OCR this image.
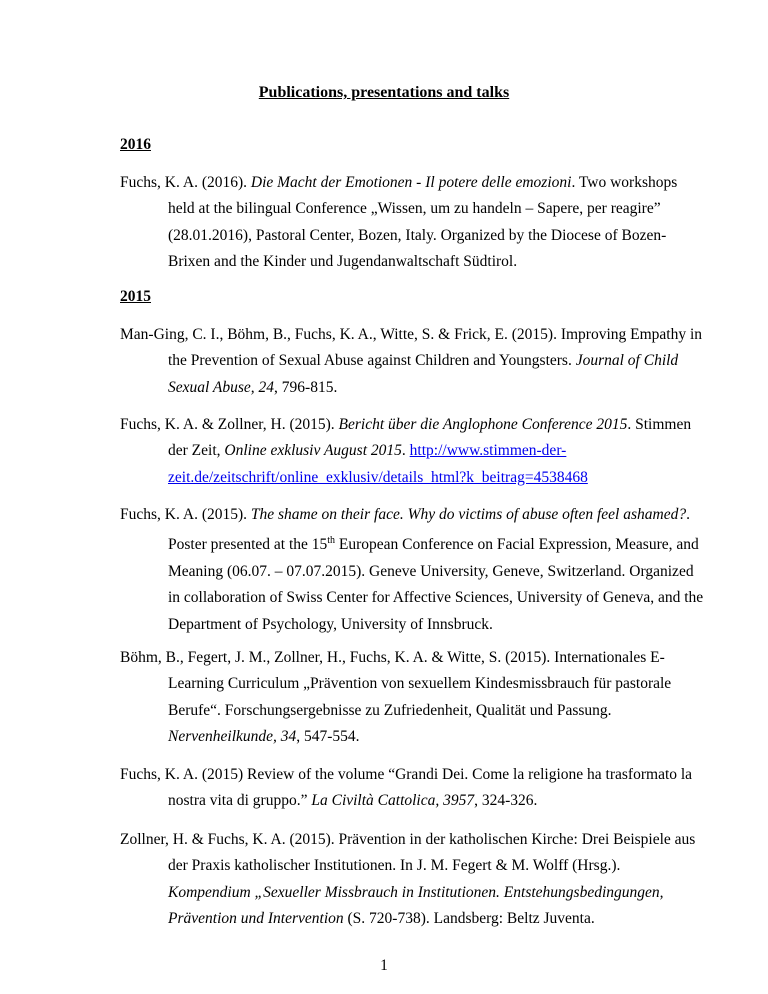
Publications, presentations and talks
2016
Fuchs, K. A. (2016). Die Macht der Emotionen - Il potere delle emozioni. Two workshops
held at the bilingual Conference „Wissen, um zu handeln – Sapere, per reagire”
(28.01.2016), Pastoral Center, Bozen, Italy. Organized by the Diocese of Bozen-
Brixen and the Kinder und Jugendanwaltschaft Südtirol.
2015
Man-Ging, C. I., Böhm, B., Fuchs, K. A., Witte, S. & Frick, E. (2015). Improving Empathy in
the Prevention of Sexual Abuse against Children and Youngsters. Journal of Child
Sexual Abuse, 24, 796-815.
Fuchs, K. A. & Zollner, H. (2015). Bericht über die Anglophone Conference 2015. Stimmen
der Zeit, Online exklusiv August 2015. http://www.stimmen-der-
zeit.de/zeitschrift/online_exklusiv/details_html?k_beitrag=4538468
Fuchs, K. A. (2015). The shame on their face. Why do victims of abuse often feel ashamed?.
Poster presented at the 15th European Conference on Facial Expression, Measure, and
Meaning (06.07. – 07.07.2015). Geneve University, Geneve, Switzerland. Organized
in collaboration of Swiss Center for Affective Sciences, University of Geneva, and the
Department of Psychology, University of Innsbruck.
Böhm, B., Fegert, J. M., Zollner, H., Fuchs, K. A. & Witte, S. (2015). Internationales E-
Learning Curriculum „Prävention von sexuellem Kindesmissbrauch für pastorale
Berufe“. Forschungsergebnisse zu Zufriedenheit, Qualität und Passung.
Nervenheilkunde, 34, 547-554.
Fuchs, K. A. (2015) Review of the volume “Grandi Dei. Come la religione ha trasformato la
nostra vita di gruppo.” La Civiltà Cattolica, 3957, 324-326.
Zollner, H. & Fuchs, K. A. (2015). Prävention in der katholischen Kirche: Drei Beispiele aus
der Praxis katholischer Institutionen. In J. M. Fegert & M. Wolff (Hrsg.).
Kompendium „Sexueller Missbrauch in Institutionen. Entstehungsbedingungen,
Prävention und Intervention (S. 720-738). Landsberg: Beltz Juventa.
1
